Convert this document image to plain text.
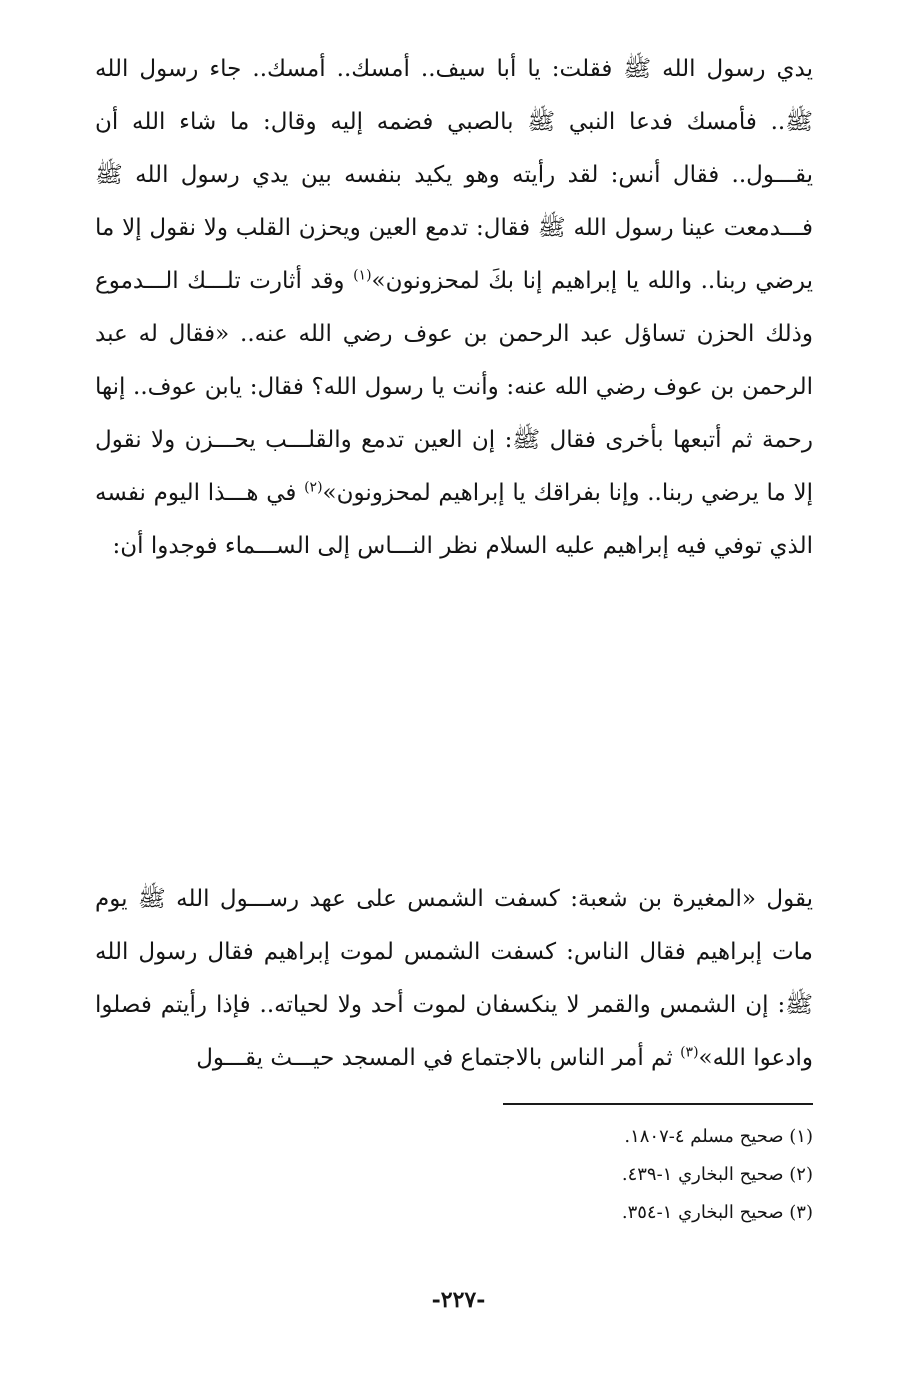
يدي رسول الله ﷺ فقلت: يا أبا سيف.. أمسك.. أمسك.. جاء رسول الله ﷺ.. فأمسك فدعا النبي ﷺ بالصبي فضمه إليه وقال: ما شاء الله أن يقـــول.. فقال أنس: لقد رأيته وهو يكيد بنفسه بين يدي رسول الله ﷺ فـــدمعت عينا رسول الله ﷺ فقال: تدمع العين ويحزن القلب ولا نقول إلا ما يرضي ربنا.. والله يا إبراهيم إنا بكَ لمحزونون»$^{(١)}$ وقد أثارت تلـــك الـــدموع وذلك الحزن تساؤل عبد الرحمن بن عوف رضي الله عنه.. «فقال له عبد الرحمن بن عوف رضي الله عنه: وأنت يا رسول الله؟ فقال: يابن عوف.. إنها رحمة ثم أتبعها بأخرى فقال ﷺ: إن العين تدمع والقلـــب يحـــزن ولا نقول إلا ما يرضي ربنا.. وإنا بفراقك يا إبراهيم لمحزونون»$^{(٢)}$ في هـــذا اليوم نفسه الذي توفي فيه إبراهيم عليه السلام نظر النـــاس إلى الســـماء فوجدوا أن:

يقول «المغيرة بن شعبة: كسفت الشمس على عهد رســـول الله ﷺ يوم مات إبراهيم فقال الناس: كسفت الشمس لموت إبراهيم فقال رسول الله ﷺ: إن الشمس والقمر لا ينكسفان لموت أحد ولا لحياته.. فإذا رأيتم فصلوا وادعوا الله»$^{(٣)}$ ثم أمر الناس بالاجتماع في المسجد حيـــث يقـــول

(١) صحيح مسلم ٤-١٨٠٧.
(٢) صحيح البخاري ١-٤٣٩.
(٣) صحيح البخاري ١-٣٥٤.
-٢٢٧-
